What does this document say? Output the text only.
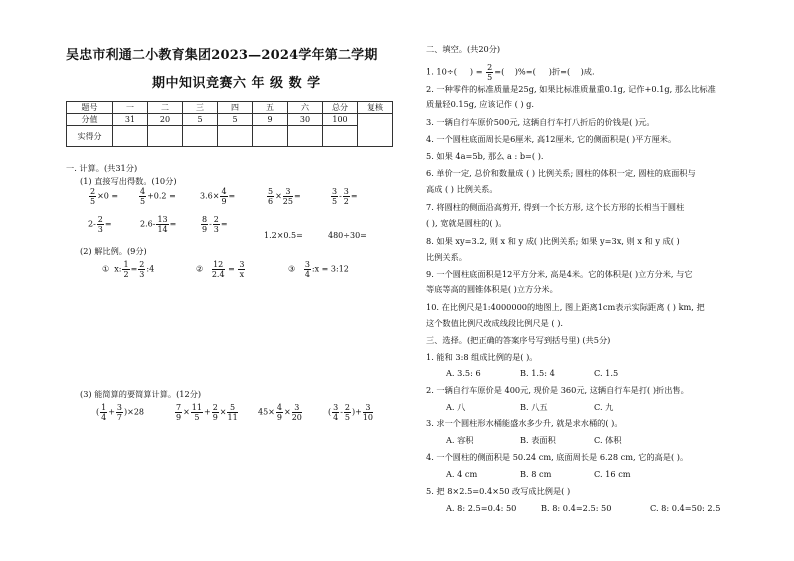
吴忠市利通二小教育集团2023—2024学年第二学期
期中知识竞赛六 年 级 数 学
题号	一	二	三	四	五	六	总分	复核
分值	31	20	5	5	9	30	100	
实得分								
一. 计算。(共31分)
(1) 直接写出得数。(10分)
$\frac{2}{5} \times 0$ =	$\frac{4}{5} +0.2$ =	$3.6\times \frac{4}{9}$ =	$\frac{5}{6} \times \frac{3}{25}$ =	$\frac{3}{5} - \frac{3}{2}$ =
$2- \frac{2}{3}$ =	$2.6- \frac{13}{14}$ =	$\frac{8}{9} - \frac{2}{3}$ =
1.2×0.5=	480÷30=
(2) 解比例。(9分)
① x: $\frac{1}{2} = \frac{2}{3}$ :4	② $\frac{12}{2.4} = \frac{3}{x}$	③ $\frac{3}{4}$ :x = 3:12
(3) 能简算的要简算计算。(12分)
( $\frac{1}{4} + \frac{3}{7} )\times 28$	$\frac{7}{9} \times \frac{11}{5} + \frac{2}{9} \times \frac{5}{11}$	$45\times \frac{4}{9} \times \frac{3}{20}$	( $\frac{3}{4} - \frac{2}{5}$ )+ $\frac{3}{10}$
二、填空。(共20分)
1. 10÷(     ) = $\frac{2}{5}$ =(    )%=(     )折=(    )成.
2. 一种零件的标准质量是25g, 如果比标准质量重0.1g, 记作+0.1g, 那么比标准
质量轻0.15g, 应该记作 ( ) g.
3. 一辆自行车原价500元, 这辆自行车打八折后的价钱是( )元。
4. 一个圆柱底面周长是6厘米, 高12厘米, 它的侧面积是( )平方厘米。
5. 如果 4a=5b, 那么 a : b=( ).
6. 单价一定, 总价和数量成 ( ) 比例关系; 圆柱的体积一定, 圆柱的底面积与
高成 ( ) 比例关系。
7. 将圆柱的侧面沿高剪开, 得到一个长方形, 这个长方形的长相当于圆柱
( ), 宽就是圆柱的( )。
8. 如果 xy=3.2, 则 x 和 y 成( )比例关系; 如果 y=3x, 则 x 和 y 成( )
比例关系。
9. 一个圆柱底面积是12平方分米, 高是4米。它的体积是( )立方分米, 与它
等底等高的圆锥体积是( )立方分米。
10. 在比例尺是1:4000000的地图上, 图上距离1cm表示实际距离 ( ) km, 把
这个数值比例尺改成线段比例尺是 ( ).
三、选择。(把正确的答案序号写到括号里) (共5分)
1. 能和 3:8 组成比例的是( )。
A. 3.5: 6	B. 1.5: 4	C. 1.5
2. 一辆自行车原价是 400元, 现价是 360元, 这辆自行车是打( )折出售。
A. 八	B. 八五	C. 九
3. 求一个圆柱形水桶能盛水多少升, 就是求水桶的( )。
A. 容积	B. 表面积	C. 体积
4. 一个圆柱的侧面积是 50.24 cm, 底面周长是 6.28 cm, 它的高是( )。
A. 4 cm	B. 8 cm	C. 16 cm
5. 把 8×2.5=0.4×50 改写成比例是( )
A. 8: 2.5=0.4: 50	B. 8: 0.4=2.5: 50	C. 8: 0.4=50: 2.5
